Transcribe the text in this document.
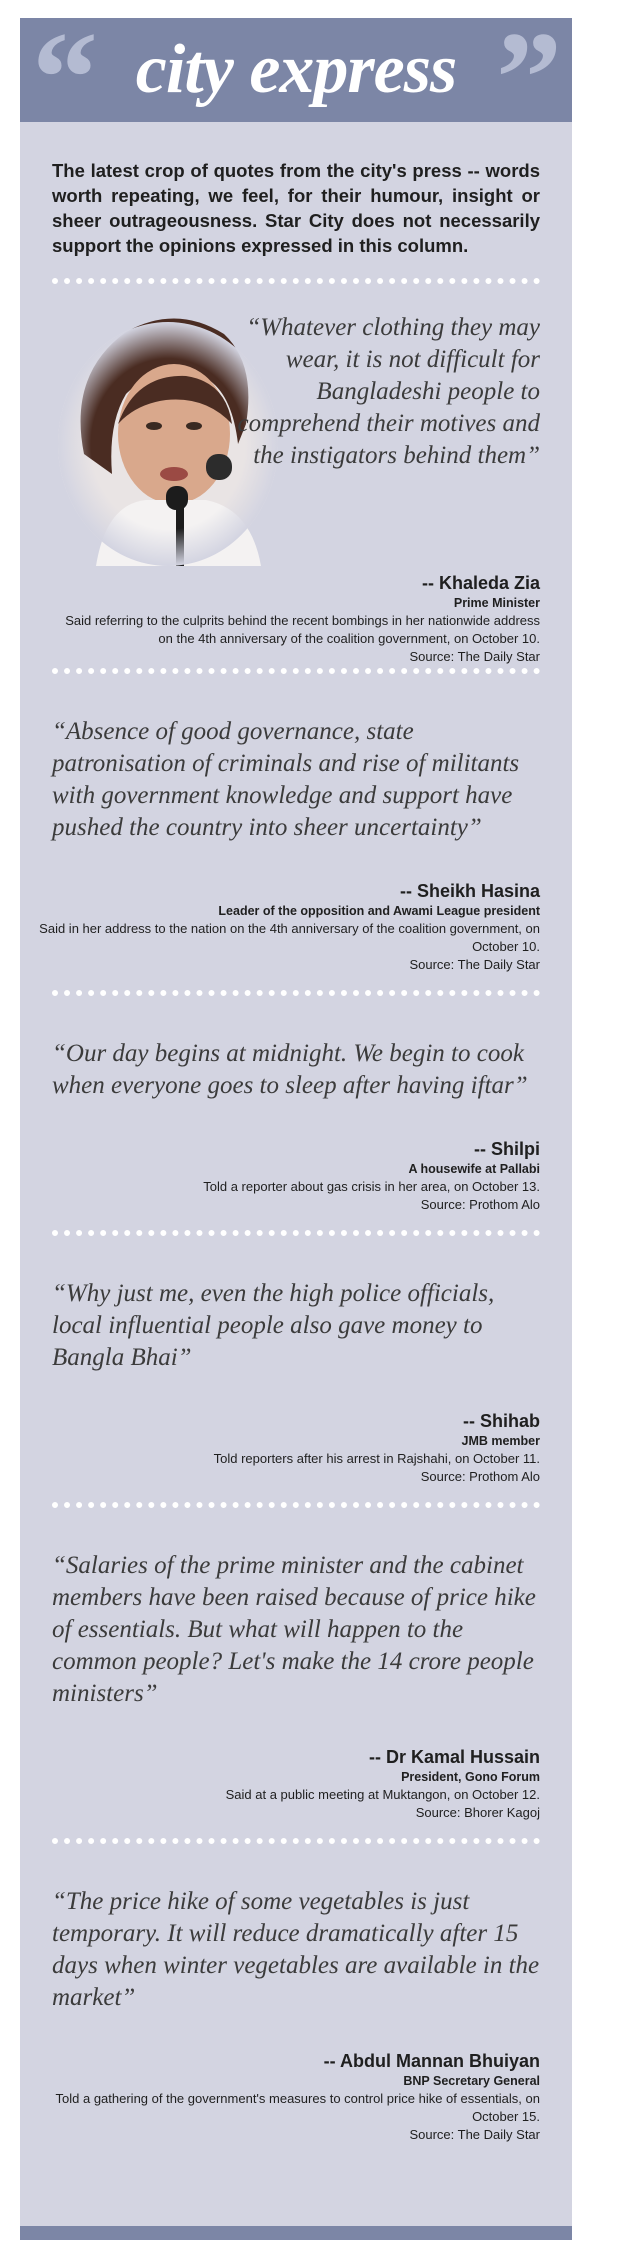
“ city express ”
The latest crop of quotes from the city's press -- words worth repeating, we feel, for their humour, insight or sheer outrageousness. Star City does not necessarily support the opinions expressed in this column.
“Whatever clothing they may wear, it is not difficult for Bangladeshi people to comprehend their motives and the instigators behind them”
-- Khaleda Zia
Prime Minister
Said referring to the culprits behind the recent bombings in her nationwide address on the 4th anniversary of the coalition government, on October 10.
Source: The Daily Star
“Absence of good governance, state patronisation of criminals and rise of militants with government knowledge and support have pushed the country into sheer uncertainty”
-- Sheikh Hasina
Leader of the opposition and Awami League president
Said in her address to the nation on the 4th anniversary of the coalition government, on October 10.
Source: The Daily Star
“Our day begins at midnight. We begin to cook when everyone goes to sleep after having iftar”
-- Shilpi
A housewife at Pallabi
Told a reporter about gas crisis in her area, on October 13.
Source: Prothom Alo
“Why just me, even the high police officials, local influential people also gave money to Bangla Bhai”
-- Shihab
JMB member
Told reporters after his arrest in Rajshahi, on October 11.
Source: Prothom Alo
“Salaries of the prime minister and the cabinet members have been raised because of price hike of essentials. But what will happen to the common people? Let's make the 14 crore people ministers”
-- Dr Kamal Hussain
President, Gono Forum
Said at a public meeting at Muktangon, on October 12.
Source: Bhorer Kagoj
“The price hike of some vegetables is just temporary. It will reduce dramatically after 15 days when winter vegetables are available in the market”
-- Abdul Mannan Bhuiyan
BNP Secretary General
Told a gathering of the government's measures to control price hike of essentials, on October 15.
Source: The Daily Star
